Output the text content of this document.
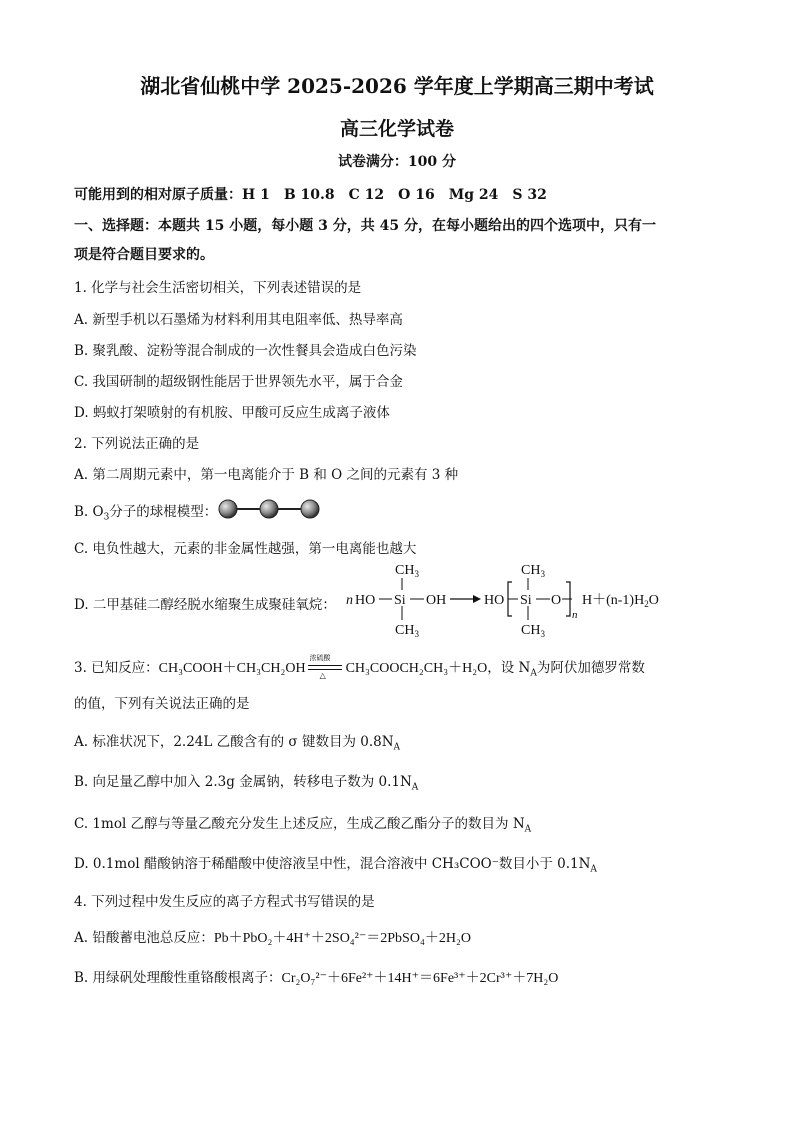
湖北省仙桃中学 2025-2026 学年度上学期高三期中考试
高三化学试卷
试卷满分：100 分
可能用到的相对原子质量：H 1　B 10.8　C 12　O 16　Mg 24　S 32
一、选择题：本题共 15 小题，每小题 3 分，共 45 分，在每小题给出的四个选项中，只有一
项是符合题目要求的。
1. 化学与社会生活密切相关，下列表述错误的是
A. 新型手机以石墨烯为材料利用其电阻率低、热导率高
B. 聚乳酸、淀粉等混合制成的一次性餐具会造成白色污染
C. 我国研制的超级钢性能居于世界领先水平，属于合金
D. 蚂蚁打架喷射的有机胺、甲酸可反应生成离子液体
2. 下列说法正确的是
A. 第二周期元素中，第一电离能介于 B 和 O 之间的元素有 3 种
B. $O_3$分子的球棍模型：
C. 电负性越大，元素的非金属性越强，第一电离能也越大
D. 二甲基硅二醇经脱水缩聚生成聚硅氧烷： n HO Si OH
$CH_3$
$CH_3$
HO Si O
n
$CH_3$
$CH_3$
$H+(n-1)H_2O$
3. 已知反应：CH₃COOH＋CH₃CH₂OH
浓硫酸
△ CH₃COOCH₂CH₃＋H₂O，设 $N_A$为阿伏加德罗常数
的值，下列有关说法正确的是
A. 标准状况下，2.24L 乙酸含有的 σ 键数目为 $0.8N_A$
B. 向足量乙醇中加入 2.3g 金属钠，转移电子数为 $0.1N_A$
C. 1mol 乙醇与等量乙酸充分发生上述反应，生成乙酸乙酯分子的数目为 $N_A$
D. 0.1mol 醋酸钠溶于稀醋酸中使溶液呈中性，混合溶液中 CH₃COO⁻数目小于 $0.1N_A$
4. 下列过程中发生反应的离子方程式书写错误的是
A. 铅酸蓄电池总反应：Pb＋PbO₂＋4H⁺＋2SO₄²⁻＝2PbSO₄＋2H₂O
B. 用绿矾处理酸性重铬酸根离子：Cr₂O₇²⁻＋6Fe²⁺＋14H⁺＝6Fe³⁺＋2Cr³⁺＋7H₂O
